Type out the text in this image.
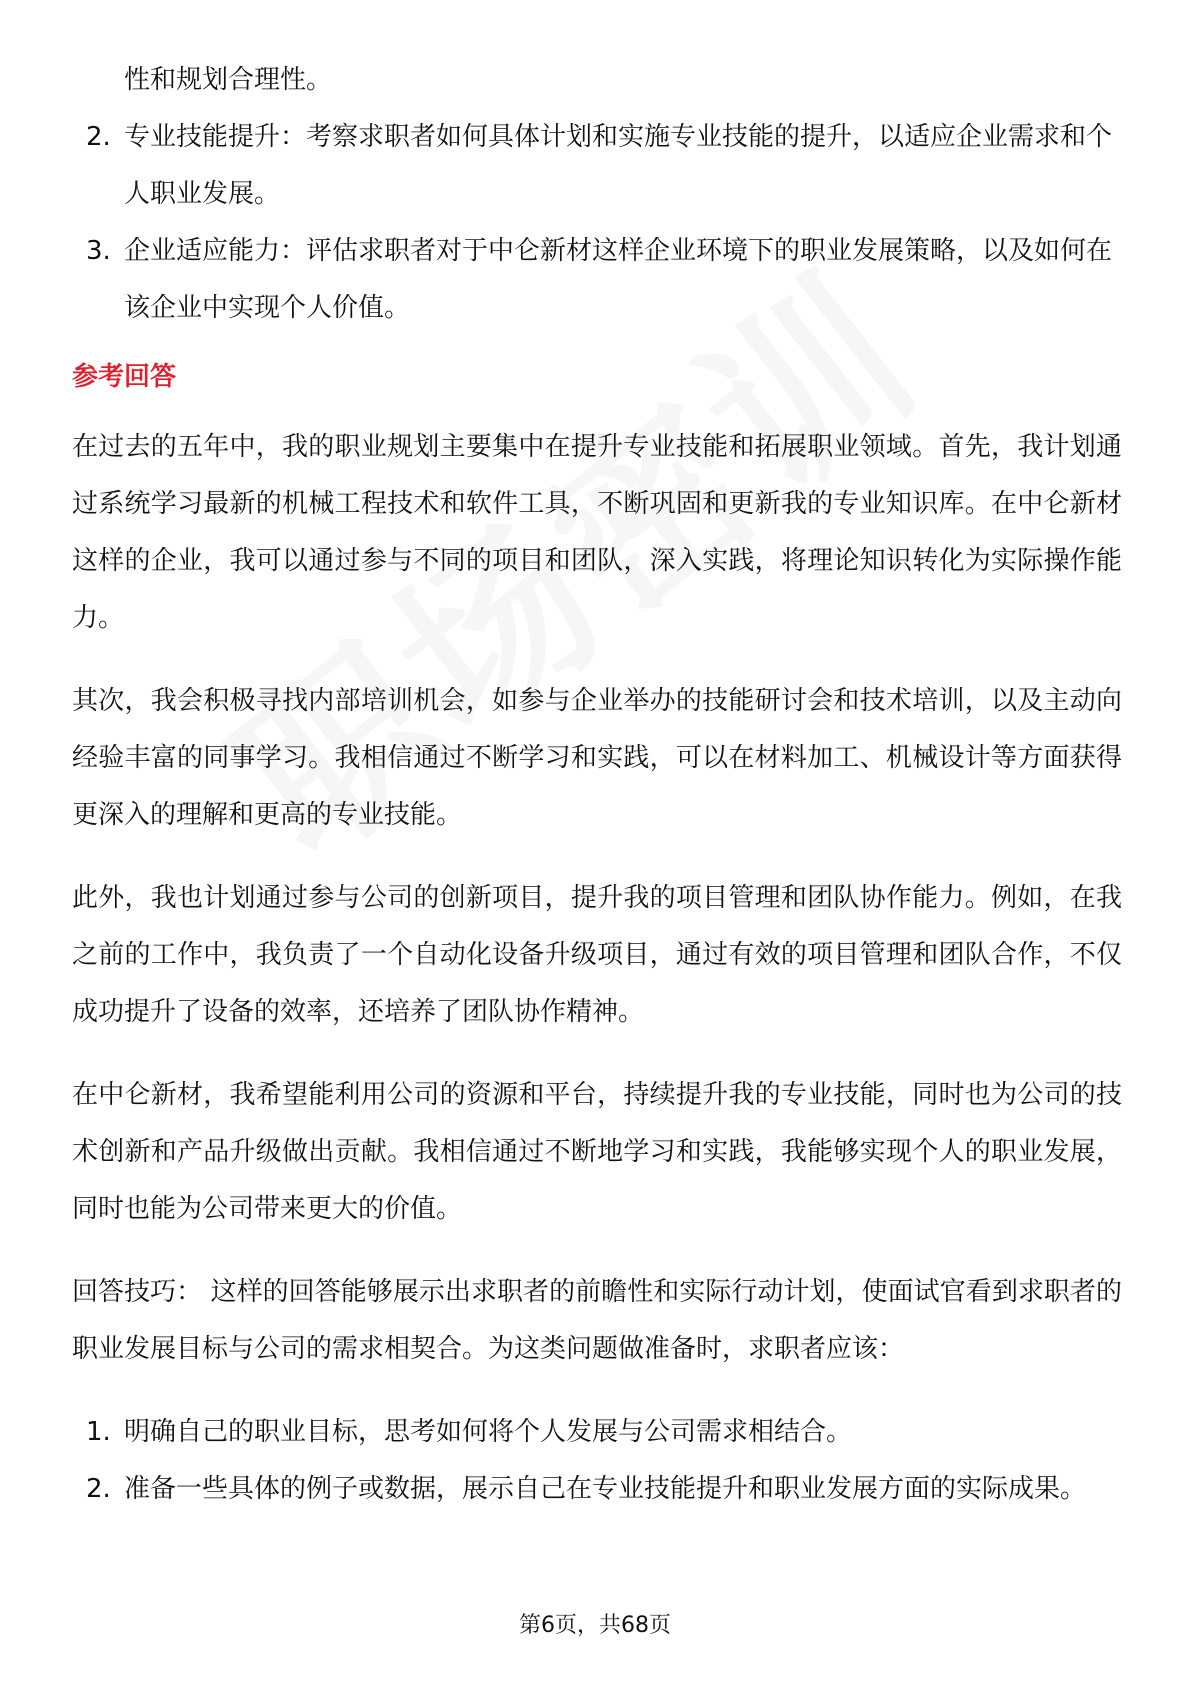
性和规划合理性。
2. 专业技能提升：考察求职者如何具体计划和实施专业技能的提升，以适应企业需求和个人职业发展。
3. 企业适应能力：评估求职者对于中仑新材这样企业环境下的职业发展策略，以及如何在该企业中实现个人价值。
参考回答

在过去的五年中，我的职业规划主要集中在提升专业技能和拓展职业领域。首先，我计划通过系统学习最新的机械工程技术和软件工具，不断巩固和更新我的专业知识库。在中仑新材这样的企业，我可以通过参与不同的项目和团队，深入实践，将理论知识转化为实际操作能力。

其次，我会积极寻找内部培训机会，如参与企业举办的技能研讨会和技术培训，以及主动向经验丰富的同事学习。我相信通过不断学习和实践，可以在材料加工、机械设计等方面获得更深入的理解和更高的专业技能。

此外，我也计划通过参与公司的创新项目，提升我的项目管理和团队协作能力。例如，在我之前的工作中，我负责了一个自动化设备升级项目，通过有效的项目管理和团队合作，不仅成功提升了设备的效率，还培养了团队协作精神。

在中仑新材，我希望能利用公司的资源和平台，持续提升我的专业技能，同时也为公司的技术创新和产品升级做出贡献。我相信通过不断地学习和实践，我能够实现个人的职业发展，同时也能为公司带来更大的价值。

回答技巧： 这样的回答能够展示出求职者的前瞻性和实际行动计划，使面试官看到求职者的职业发展目标与公司的需求相契合。为这类问题做准备时，求职者应该：

1. 明确自己的职业目标，思考如何将个人发展与公司需求相结合。
2. 准备一些具体的例子或数据，展示自己在专业技能提升和职业发展方面的实际成果。
第6页，共68页
